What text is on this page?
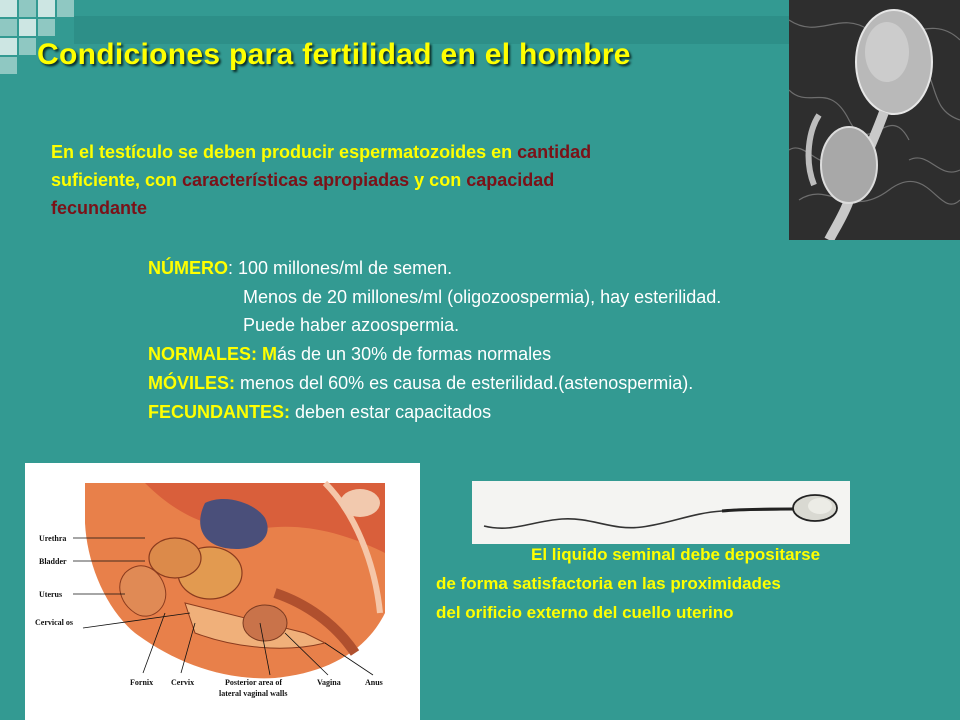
Condiciones para fertilidad en el hombre
En el testículo se deben producir espermatozoides en cantidad
suficiente, con características apropiadas y con capacidad
fecundante
NÚMERO: 100 millones/ml de semen.
Menos de 20 millones/ml (oligozoospermia), hay esterilidad.
Puede haber azoospermia.
NORMALES: Más de un 30% de formas normales
MÓVILES: menos del 60% es causa de esterilidad.(astenospermia).
FECUNDANTES: deben estar capacitados
Urethra
Bladder
Uterus
Cervical os
Fornix Cervix	Posterior area of
lateral vaginal walls
Vagina	Anus
El liquido seminal debe depositarse
de forma satisfactoria en las proximidades
del orificio externo del cuello uterino
